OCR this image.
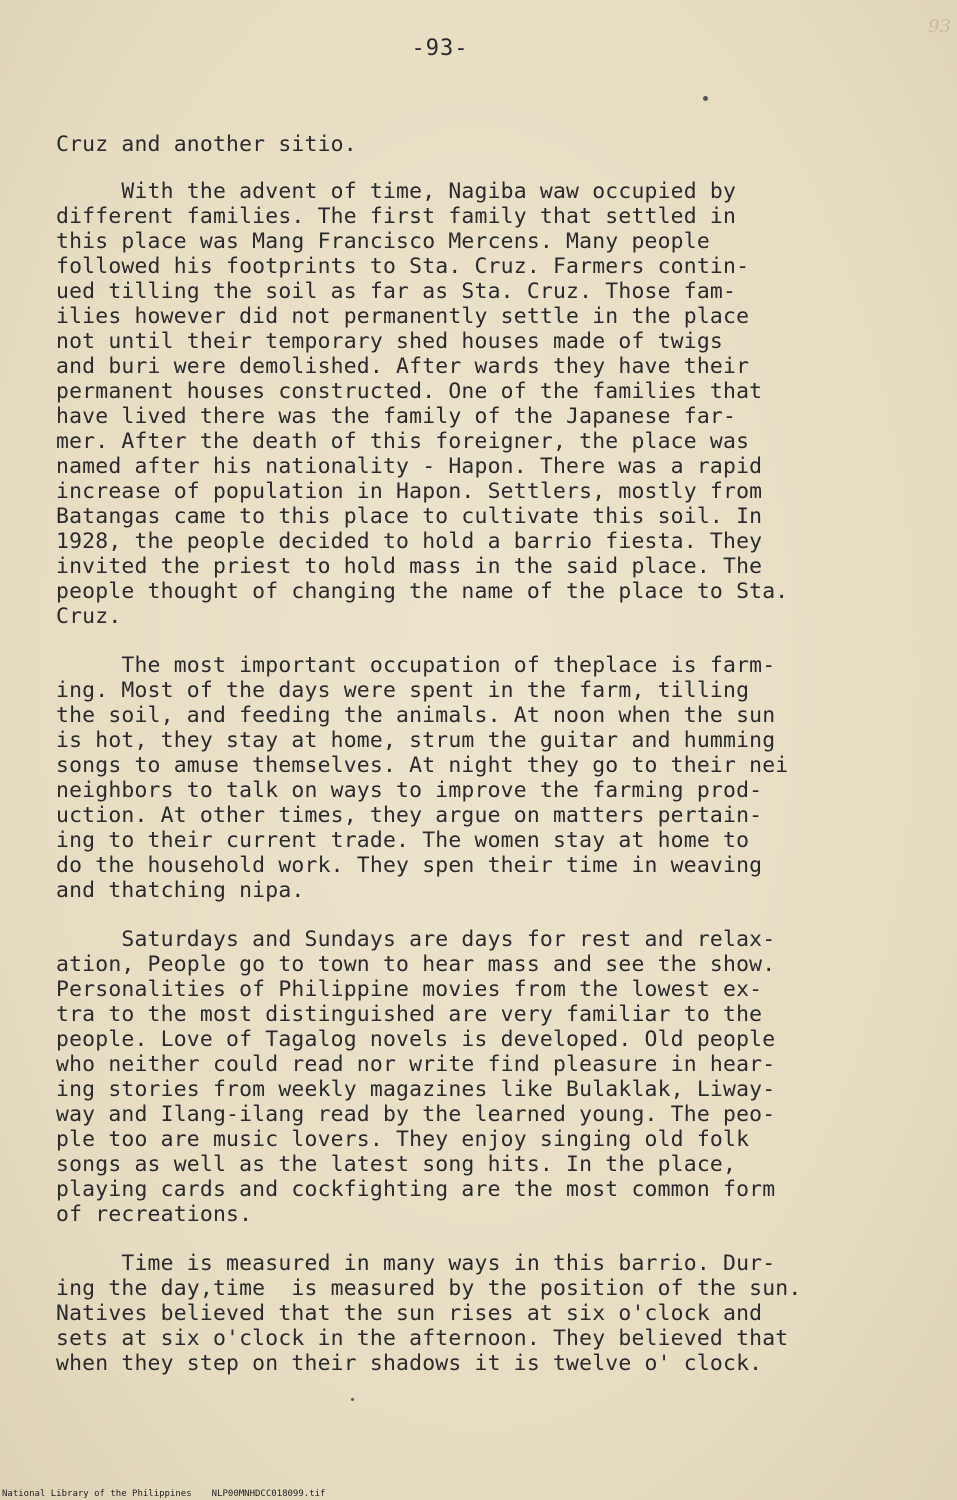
-93-
93
Cruz and another sitio.
With the advent of time, Nagiba waw occupied by
different families. The first family that settled in
this place was Mang Francisco Mercens. Many people
followed his footprints to Sta. Cruz. Farmers contin-
ued tilling the soil as far as Sta. Cruz. Those fam-
ilies however did not permanently settle in the place
not until their temporary shed houses made of twigs
and buri were demolished. After wards they have their
permanent houses constructed. One of the families that
have lived there was the family of the Japanese far-
mer. After the death of this foreigner, the place was
named after his nationality - Hapon. There was a rapid
increase of population in Hapon. Settlers, mostly from
Batangas came to this place to cultivate this soil. In
1928, the people decided to hold a barrio fiesta. They
invited the priest to hold mass in the said place. The
people thought of changing the name of the place to Sta.
Cruz.
The most important occupation of theplace is farm-
ing. Most of the days were spent in the farm, tilling
the soil, and feeding the animals. At noon when the sun
is hot, they stay at home, strum the guitar and humming
songs to amuse themselves. At night they go to their nei
neighbors to talk on ways to improve the farming prod-
uction. At other times, they argue on matters pertain-
ing to their current trade. The women stay at home to
do the household work. They spen their time in weaving
and thatching nipa.
Saturdays and Sundays are days for rest and relax-
ation, People go to town to hear mass and see the show.
Personalities of Philippine movies from the lowest ex-
tra to the most distinguished are very familiar to the
people. Love of Tagalog novels is developed. Old people
who neither could read nor write find pleasure in hear-
ing stories from weekly magazines like Bulaklak, Liway-
way and Ilang-ilang read by the learned young. The peo-
ple too are music lovers. They enjoy singing old folk
songs as well as the latest song hits. In the place,
playing cards and cockfighting are the most common form
of recreations.
Time is measured in many ways in this barrio. Dur-
ing the day,time  is measured by the position of the sun.
Natives believed that the sun rises at six o'clock and
sets at six o'clock in the afternoon. They believed that
when they step on their shadows it is twelve o' clock.
National Library of the Philippines NLP00MNHDCC018099.tif
